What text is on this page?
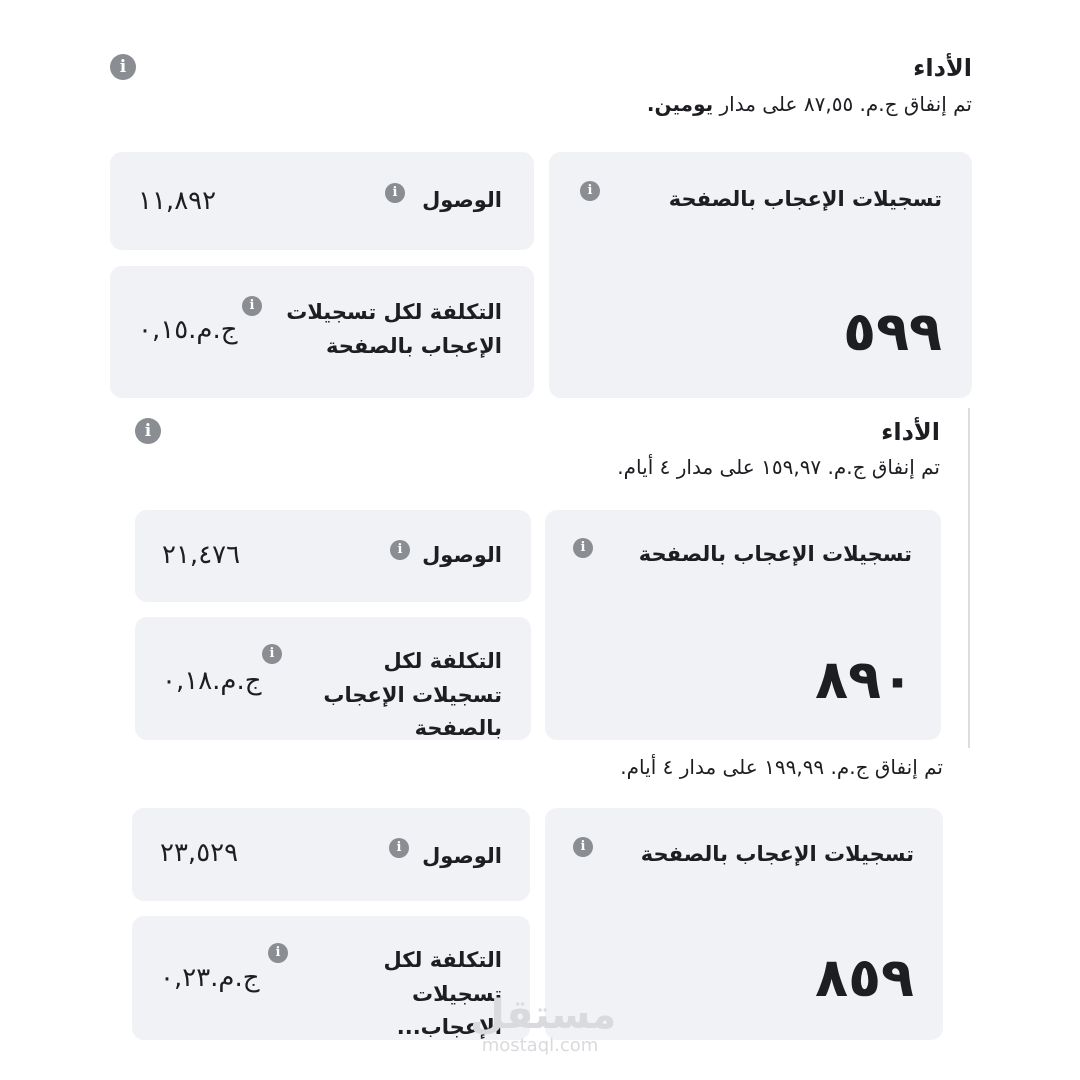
i	الأداء
تم إنفاق ج.م. ٨٧,٥٥ على مدار يومين.
تسجيلات الإعجاب بالصفحة
i
٥٩٩
الوصول
i
١١,٨٩٢
التكلفة لكل تسجيلات الإعجاب بالصفحة
i
ج.م.٠,١٥
i	الأداء
تم إنفاق ج.م. ١٥٩,٩٧ على مدار ٤ أيام.
تسجيلات الإعجاب بالصفحة
i
٨٩٠
الوصول
i
٢١,٤٧٦
التكلفة لكل تسجيلات الإعجاب بالصفحة
i
ج.م.٠,١٨
تم إنفاق ج.م. ١٩٩,٩٩ على مدار ٤ أيام.
تسجيلات الإعجاب بالصفحة
i
٨٥٩
الوصول
i
٢٣,٥٢٩
التكلفة لكل تسجيلات الإعجاب...
i
ج.م.٠,٢٣
مستقل
mostaql.com
